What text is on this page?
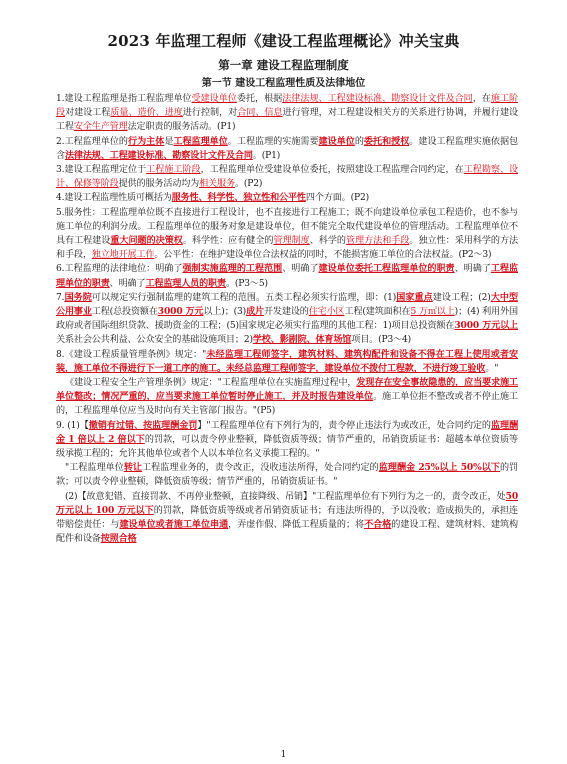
2023 年监理工程师《建设工程监理概论》冲关宝典
第一章 建设工程监理制度
第一节 建设工程监理性质及法律地位

1.建设工程监理是指工程监理单位受建设单位委托，根据法律法规、工程建设标准、勘察设计文件及合同，在施工阶段对建设工程质量、造价、进度进行控制，对合同、信息进行管理，对工程建设相关方的关系进行协调，并履行建设工程安全生产管理法定职责的服务活动。(P1)

2.工程监理单位的行为主体是工程监理单位。工程监理的实施需要建设单位的委托和授权。建设工程监理实施依据包含法律法规、工程建设标准、勘察设计文件及合同。(P1)

3.建设工程监理定位于工程施工阶段，工程监理单位受建设单位委托，按照建设工程监理合同约定，在工程勘察、设计、保修等阶段提供的服务活动均为相关服务。(P2)

4.建设工程监理性质可概括为服务性、科学性、独立性和公平性四个方面。(P2)

5.服务性：工程监理单位既不直接进行工程设计，也不直接进行工程施工；既不向建设单位承包工程造价，也不参与施工单位的利润分成。工程监理单位的服务对象是建设单位，但不能完全取代建设单位的管理活动。工程监理单位不具有工程建设重大问题的决策权。科学性：应有健全的管理制度、科学的管理方法和手段。独立性：采用科学的方法和手段，独立地开展工作。公平性：在维护建设单位合法权益的同时，不能损害施工单位的合法权益。(P2～3)

6.工程监理的法律地位：明确了强制实施监理的工程范围、明确了建设单位委托工程监理单位的职责、明确了工程监理单位的职责、明确了工程监理人员的职责。(P3～5)

7.国务院可以规定实行强制监理的建筑工程的范围。五类工程必须实行监理，即：(1)国家重点建设工程；(2)大中型公用事业工程(总投资额在3000 万元以上)；(3)成片开发建设的住宅小区工程(建筑面积在5 万㎡以上)；(4) 利用外国政府或者国际组织贷款、援助资金的工程；(5)国家规定必须实行监理的其他工程：1)项目总投资额在3000 万元以上关系社会公共利益、公众安全的基础设施项目；2)学校、影剧院、体育场馆项目。(P3～4)

8.《建设工程质量管理条例》规定："未经监理工程师签字，建筑材料、建筑构配件和设备不得在工程上使用或者安装，施工单位不得进行下一道工序的施工。未经总监理工程师签字，建设单位不拨付工程款，不进行竣工验收。"

《建设工程安全生产管理条例》规定："工程监理单位在实施监理过程中，发现存在安全事故隐患的，应当要求施工单位整改；情况严重的，应当要求施工单位暂时停止施工，并及时报告建设单位。施工单位拒不整改或者不停止施工的，工程监理单位应当及时向有关主管部门报告。"(P5)

9. (1)【撤销有过错、按监理酬金罚】"工程监理单位有下列行为的，责令停止违法行为或改正，处合同约定的监理酬金 1 倍以上 2 倍以下的罚款，可以责令停业整顿，降低资质等级；情节严重的，吊销资质证书：超越本单位资质等级承揽工程的；允许其他单位或者个人以本单位名义承揽工程的。"

"工程监理单位转让工程监理业务的，责令改正，没收违法所得，处合同约定的监理酬金 25%以上 50%以下的罚款；可以责令停业整顿，降低资质等级；情节严重的，吊销资质证书。"

(2)【故意犯错、直接罚款、不再停业整顿，直接降级、吊销】"工程监理单位有下列行为之一的，责令改正，处50 万元以上 100 万元以下的罚款，降低资质等级或者吊销资质证书；有违法所得的，予以没收；造成损失的，承担连带赔偿责任：与建设单位或者施工单位串通，弄虚作假、降低工程质量的；将不合格的建设工程、建筑材料、建筑构配件和设备按照合格

1
